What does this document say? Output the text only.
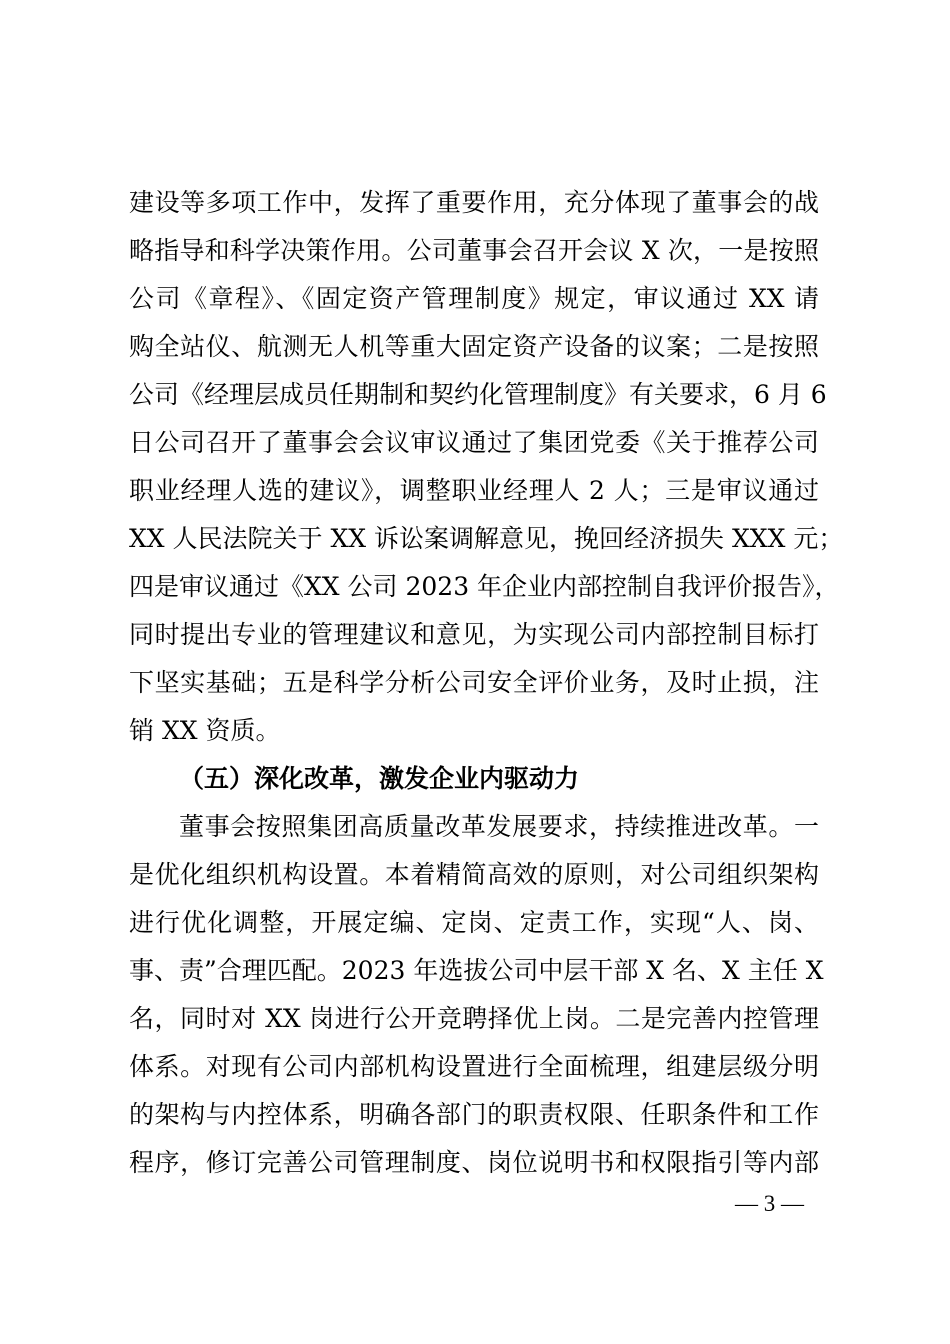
建设等多项工作中，发挥了重要作用，充分体现了董事会的战
略指导和科学决策作用。公司董事会召开会议 X 次，一是按照
公司《章程》、《固定资产管理制度》规定，审议通过 XX 请
购全站仪、航测无人机等重大固定资产设备的议案；二是按照
公司《经理层成员任期制和契约化管理制度》有关要求，6 月 6
日公司召开了董事会会议审议通过了集团党委《关于推荐公司
职业经理人选的建议》，调整职业经理人 2 人；三是审议通过
XX 人民法院关于 XX 诉讼案调解意见，挽回经济损失 XXX 元；
四是审议通过《XX 公司 2023 年企业内部控制自我评价报告》，
同时提出专业的管理建议和意见，为实现公司内部控制目标打
下坚实基础；五是科学分析公司安全评价业务，及时止损，注
销 XX 资质。
（五）深化改革，激发企业内驱动力
董事会按照集团高质量改革发展要求，持续推进改革。一
是优化组织机构设置。本着精简高效的原则，对公司组织架构
进行优化调整，开展定编、定岗、定责工作，实现“人、岗、
事、责”合理匹配。2023 年选拔公司中层干部 X 名、X 主任 X
名，同时对 XX 岗进行公开竞聘择优上岗。二是完善内控管理
体系。对现有公司内部机构设置进行全面梳理，组建层级分明
的架构与内控体系，明确各部门的职责权限、任职条件和工作
程序，修订完善公司管理制度、岗位说明书和权限指引等内部
— 3 —
